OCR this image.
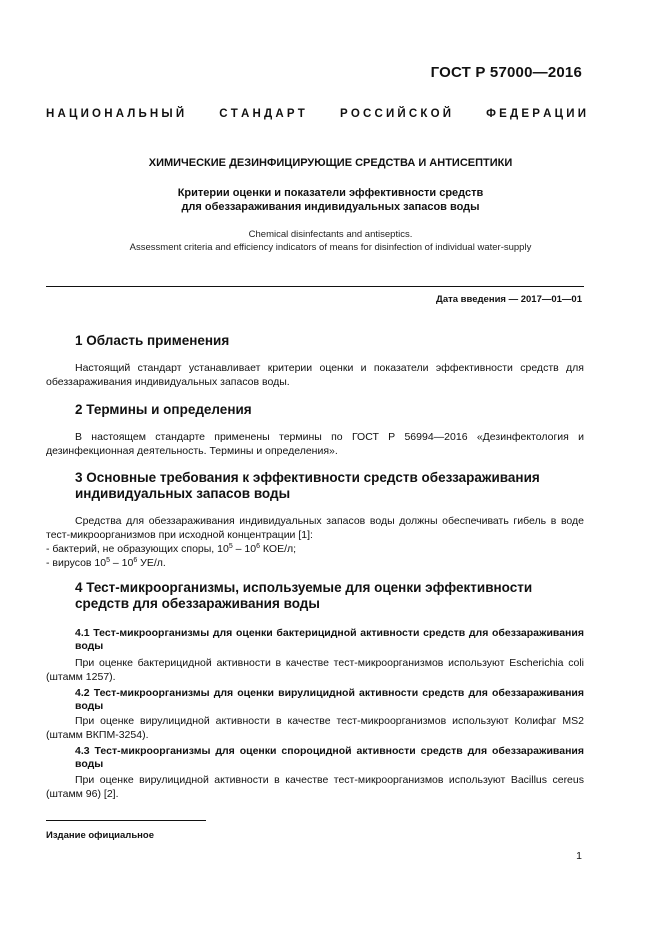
ГОСТ Р 57000—2016
Н А Ц И О Н А Л Ь Н Ы Й	С Т А Н Д А Р Т	Р О С С И Й С К О Й	Ф Е Д Е Р А Ц И И
ХИМИЧЕСКИЕ ДЕЗИНФИЦИРУЮЩИЕ СРЕДСТВА И АНТИСЕПТИКИ
Критерии оценки и показатели эффективности средств
для обеззараживания индивидуальных запасов воды
Chemical disinfectants and antiseptics.
Assessment criteria and efficiency indicators of means for disinfection of individual water-supply
Дата введения — 2017—01—01
1 Область применения
Настоящий стандарт устанавливает критерии оценки и показатели эффективности средств для обеззараживания индивидуальных запасов воды.
2 Термины и определения
В настоящем стандарте применены термины по ГОСТ Р 56994—2016 «Дезинфектология и дезинфекционная деятельность. Термины и определения».
3 Основные требования к эффективности средств обеззараживания индивидуальных запасов воды
Средства для обеззараживания индивидуальных запасов воды должны обеспечивать гибель в воде тест-микроорганизмов при исходной концентрации [1]:
- бактерий, не образующих споры, $10^5 - 10^6$ КОЕ/л;
- вирусов $10^5 - 10^6$ УЕ/л.
4 Тест-микроорганизмы, используемые для оценки эффективности средств для обеззараживания воды
4.1 Тест-микроорганизмы для оценки бактерицидной активности средств для обеззараживания воды
При оценке бактерицидной активности в качестве тест-микроорганизмов используют Escherichia coli (штамм 1257).
4.2 Тест-микроорганизмы для оценки вирулицидной активности средств для обеззараживания воды
При оценке вирулицидной активности в качестве тест-микроорганизмов используют Колифаг MS2 (штамм ВКПМ-3254).
4.3 Тест-микроорганизмы для оценки спороцидной активности средств для обеззараживания воды
При оценке вирулицидной активности в качестве тест-микроорганизмов используют Bacillus cereus (штамм 96) [2].
Издание официальное
1
